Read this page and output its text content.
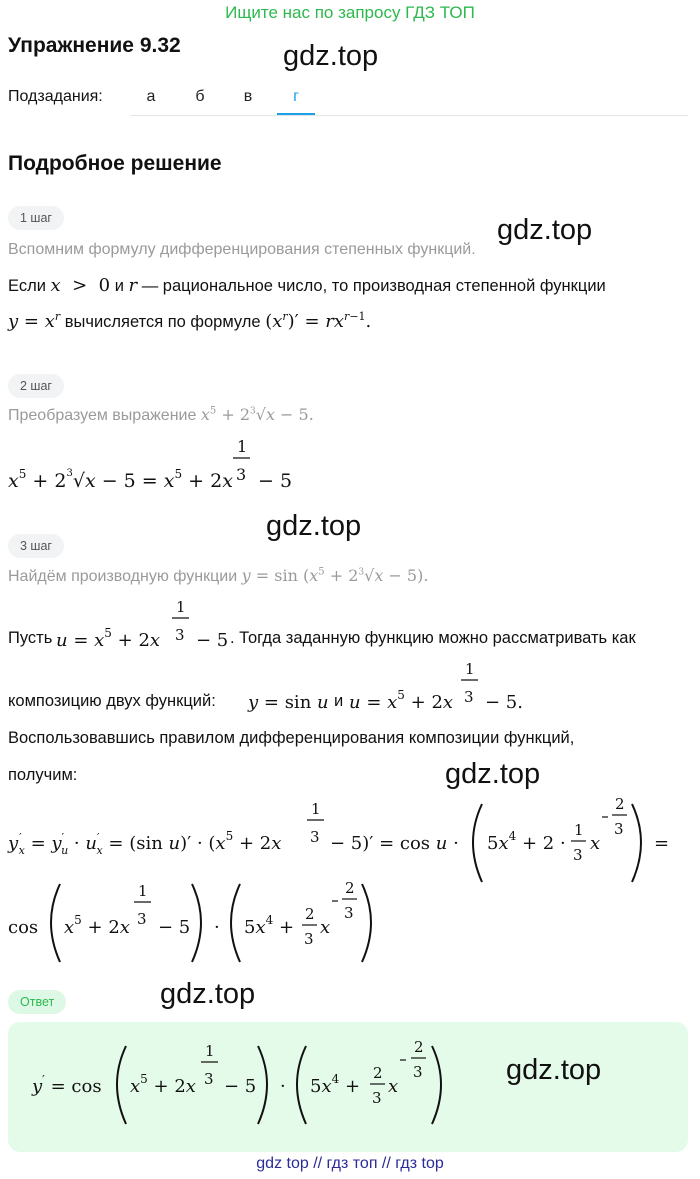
Ищите нас по запросу ГДЗ ТОП
Упражнение 9.32	gdz.top
Подзадания:	а	б	в	г
Подробное решение
1 шаг	gdz.top
Вспомним формулу дифференцирования степенных функций.
Если x  >  0 и r — рациональное число, то производная степенной функции
$y = x^r$ вычисляется по формуле $(x^r)' = rx^{r-1}$.
2 шаг
Преобразуем выражение $x^5 + 2^3√x - 5$.
$x^5 + 2^3√x - 5 = x^5 + 2x$
1
3 − 5
gdz.top
3 шаг
Найдём производную функции $y = \sin (x^5 + 2^3√x - 5)$.
Пусть $u = x^5 + 2x$
1
3 − 5 . Тогда заданную функцию можно рассматривать как
композицию двух функций: y = sin u $u = x^5 + 2x$
и
1
3 − 5.
Воспользовавшись правилом дифференцирования композиции функций,
получим:	gdz.top
y′ x = y′ u · u′ x = (sin $u)' \cdot (x^5 + 2x$
1
$3 - 5)' = \cos u \cdot 5x^4 + 2$ ·
1
3
x
2
3
=
$\cos x^5 + 2x$
1
$3 - 5 \cdot 5x^4$ +
2
3
x
2
3
Ответ	gdz.top
$y' = \cos x^5 + 2x$
1
$3 - 5 \cdot 5x^4$ +
2
3
x
2
3	gdz.top
gdz top // гдз топ // гдз top
